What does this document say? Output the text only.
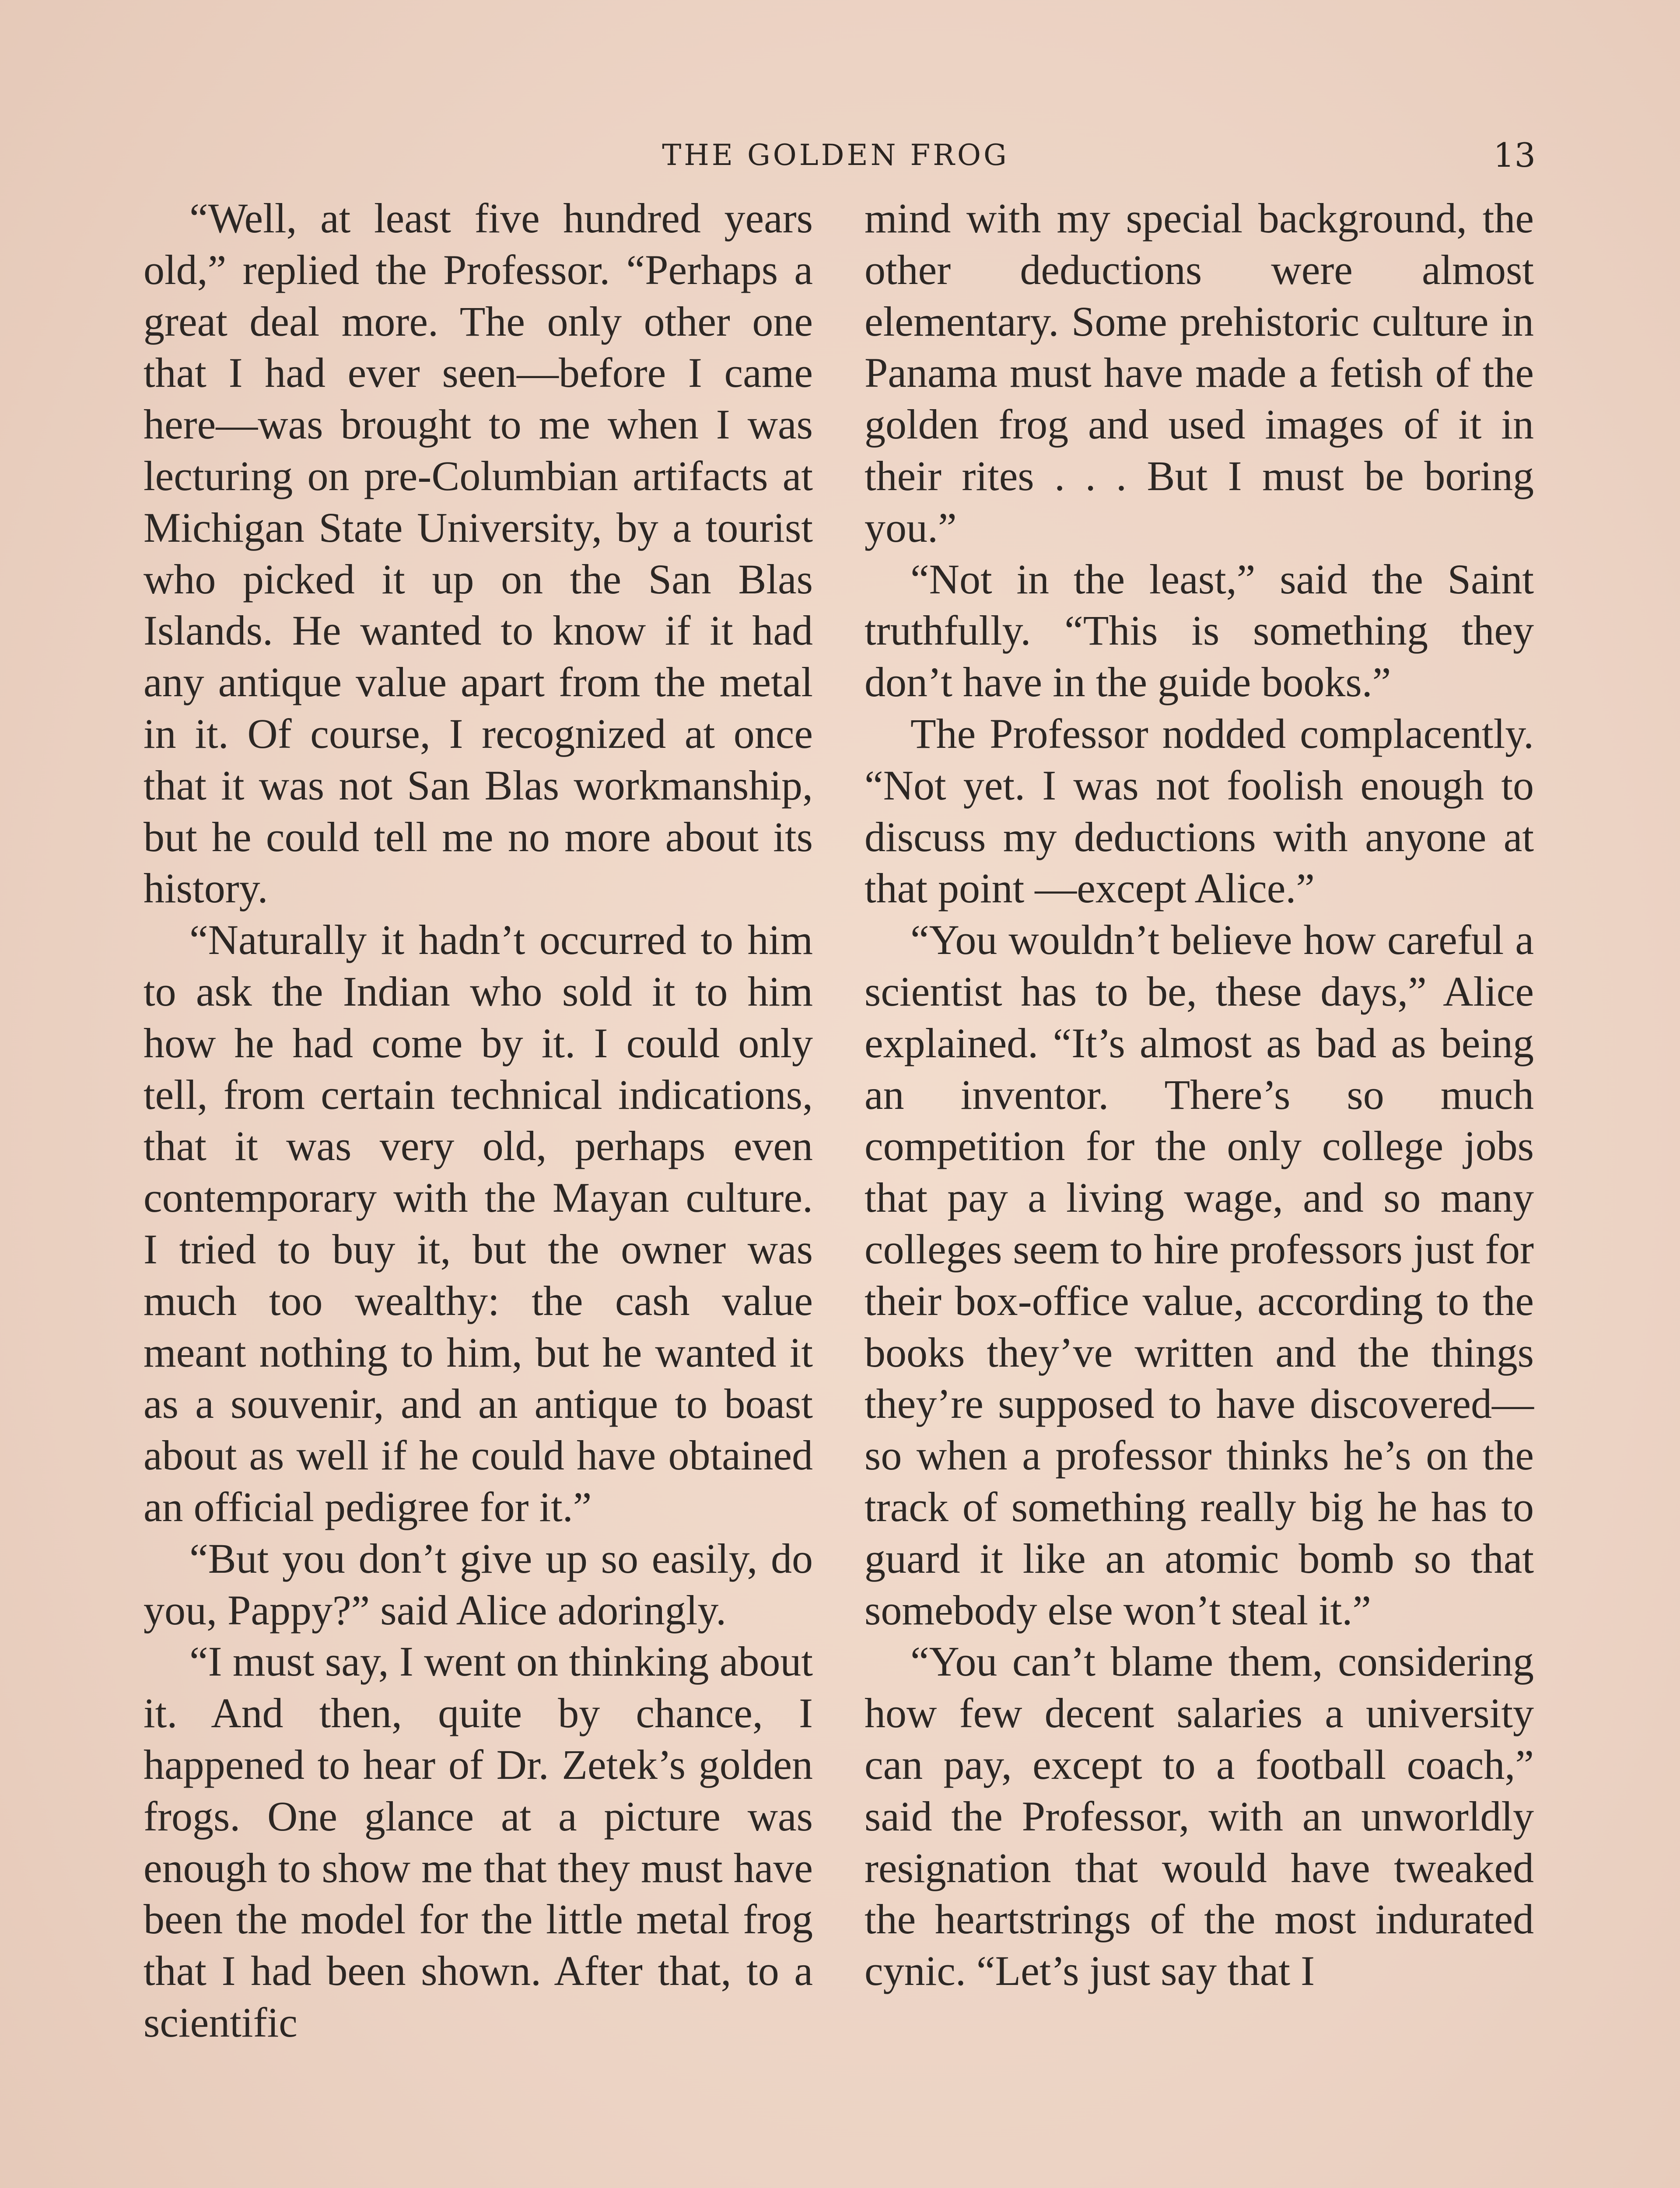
THE GOLDEN FROG	13

“Well, at least five hundred years old,” replied the Professor. “Perhaps a great deal more. The only other one that I had ever seen—before I came here—was brought to me when I was lecturing on pre-Columbian artifacts at Michigan State University, by a tourist who picked it up on the San Blas Islands. He wanted to know if it had any antique value apart from the metal in it. Of course, I recognized at once that it was not San Blas workmanship, but he could tell me no more about its history.

“Naturally it hadn’t occurred to him to ask the Indian who sold it to him how he had come by it. I could only tell, from certain technical indications, that it was very old, perhaps even contemporary with the Mayan culture. I tried to buy it, but the owner was much too wealthy: the cash value meant nothing to him, but he wanted it as a souvenir, and an antique to boast about as well if he could have obtained an official pedigree for it.”

“But you don’t give up so easily, do you, Pappy?” said Alice adoringly.

“I must say, I went on thinking about it. And then, quite by chance, I happened to hear of Dr. Zetek’s golden frogs. One glance at a picture was enough to show me that they must have been the model for the little metal frog that I had been shown. After that, to a scientific

mind with my special background, the other deductions were almost elementary. Some prehistoric culture in Panama must have made a fetish of the golden frog and used images of it in their rites . . . But I must be boring you.”

“Not in the least,” said the Saint truthfully. “This is something they don’t have in the guide books.”

The Professor nodded complacently. “Not yet. I was not foolish enough to discuss my deductions with anyone at that point —except Alice.”

“You wouldn’t believe how careful a scientist has to be, these days,” Alice explained. “It’s almost as bad as being an inventor. There’s so much competition for the only college jobs that pay a living wage, and so many colleges seem to hire professors just for their box-office value, according to the books they’ve written and the things they’re supposed to have discovered—so when a professor thinks he’s on the track of something really big he has to guard it like an atomic bomb so that somebody else won’t steal it.”

“You can’t blame them, considering how few decent salaries a university can pay, except to a football coach,” said the Professor, with an unworldly resignation that would have tweaked the heartstrings of the most indurated cynic. “Let’s just say that I
